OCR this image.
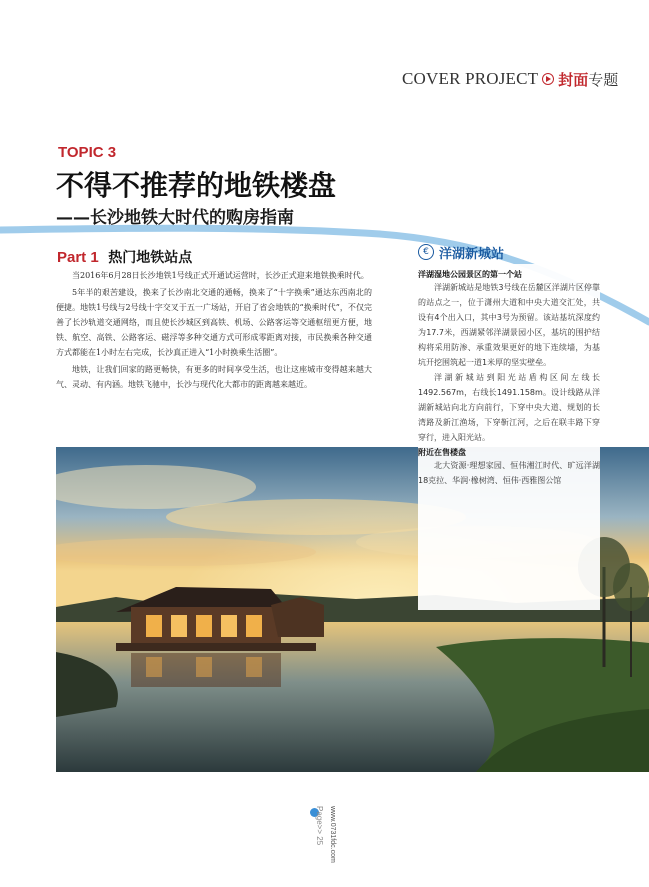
COVER PROJECT 封面 专题
TOPIC 3
不得不推荐的地铁楼盘
——长沙地铁大时代的购房指南
Part 1 热门地铁站点

当2016年6月28日长沙地铁1号线正式开通试运营时，长沙正式迎来地铁换乘时代。

5年半的艰苦建设，换来了长沙南北交通的通畅，换来了“十字换乘”通达东西南北的便捷。地铁1号线与2号线十字交叉于五一广场站，开启了省会地铁的“换乘时代”，不仅完善了长沙轨道交通网络，而且使长沙城区到高铁、机场、公路客运等交通枢纽更方便，地铁、航空、高铁、公路客运、磁浮等多种交通方式可形成零距离对接，市民换乘各种交通方式都能在1小时左右完成，长沙真正进入“1小时换乘生活圈”。

地铁，让我们回家的路更畅快，有更多的时间享受生活，也让这座城市变得越来越大气、灵动、有内涵。地铁飞驰中，长沙与现代化大都市的距离越来越近。

€ 洋湖新城站
洋湖湿地公园景区的第一个站

洋湖新城站是地铁3号线在岳麓区洋湖片区停靠的站点之一，位于潇州大道和中央大道交汇处，共设有4个出入口，其中3号为预留。该站基坑深度约为17.7米，西湖紧邻洋湖景园小区，基坑的围护结构将采用防渗、承重效果更好的地下连续墙，为基坑开挖围筑起一道1米厚的坚实壁垒。

洋湖新城站到阳光站盾构区间左线长1492.567m，右线长1491.158m。设计线路从洋湖新城站向北方向前行，下穿中央大道、规划的长湾路及新江渔场，下穿靳江河，之后在联丰路下穿穿行，进入阳光站。

附近在售楼盘

北大资源·理想家园、恒伟湘江时代、旷远洋湖18克拉、华润·橡树湾、恒伟·西雅图公馆

Page>> 25 www.0731fdc.com
